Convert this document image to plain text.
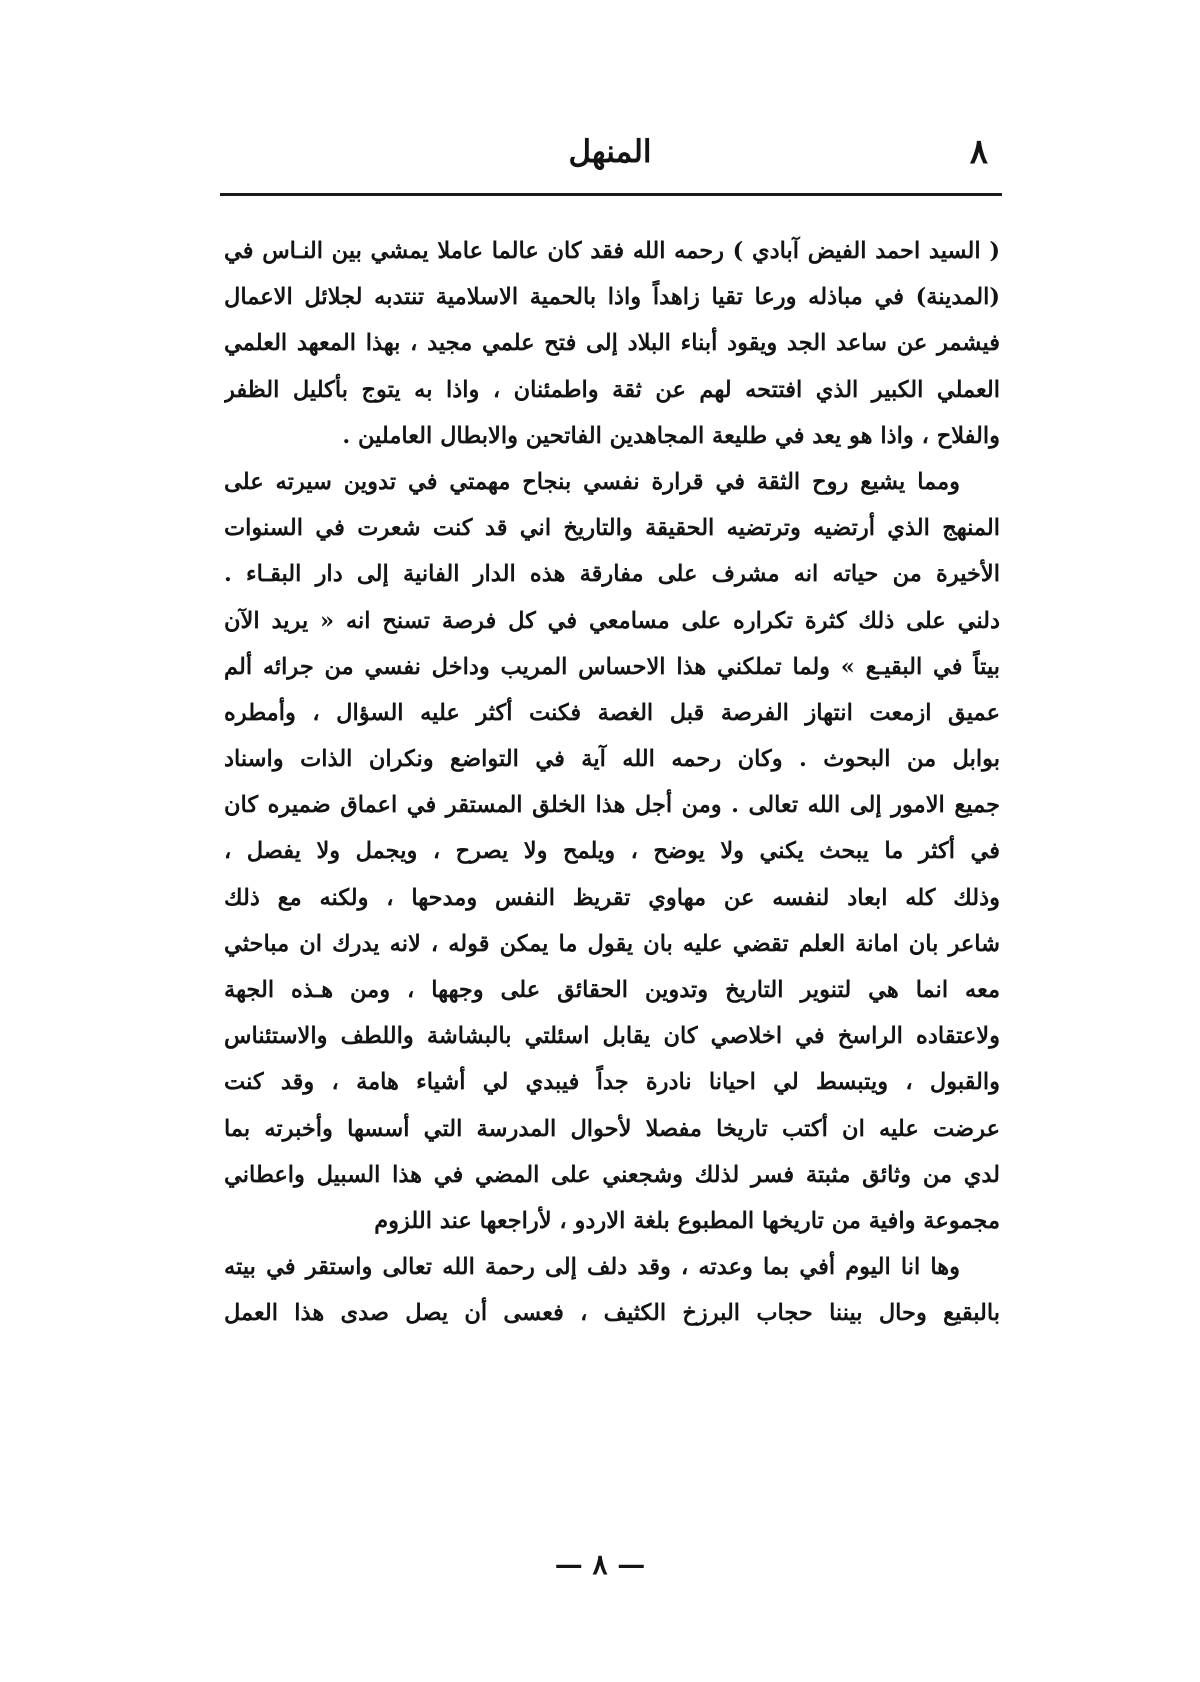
٨
المنهل
( السيد احمد الفيض آبادي ) رحمه الله فقد كان عالما عاملا يمشي بين النـاس في
(المدينة) في مباذله ورعا تقيا زاهداً واذا بالحمية الاسلامية تنتدبه لجلائل الاعمال
فيشمر عن ساعد الجد ويقود أبناء البلاد إلى فتح علمي مجيد ، بهذا المعهد العلمي
العملي الكبير الذي افتتحه لهم عن ثقة واطمئنان ، واذا به يتوج بأكليل الظفر
والفلاح ، واذا هو يعد في طليعة المجاهدين الفاتحين والابطال العاملين .
ومما يشيع روح الثقة في قرارة نفسي بنجاح مهمتي في تدوين سيرته على
المنهج الذي أرتضيه وترتضيه الحقيقة والتاريخ اني قد كنت شعرت في السنوات
الأخيرة من حياته انه مشرف على مفارقة هذه الدار الفانية إلى دار البقـاء .
دلني على ذلك كثرة تكراره على مسامعي في كل فرصة تسنح انه « يريد الآن
بيتاً في البقيـع » ولما تملكني هذا الاحساس المريب وداخل نفسي من جرائه ألم
عميق ازمعت انتهاز الفرصة قبل الغصة فكنت أكثر عليه السؤال ، وأمطره
بوابل من البحوث . وكان رحمه الله آية في التواضع ونكران الذات واسناد
جميع الامور إلى الله تعالى . ومن أجل هذا الخلق المستقر في اعماق ضميره كان
في أكثر ما يبحث يكني ولا يوضح ، ويلمح ولا يصرح ، ويجمل ولا يفصل ،
وذلك كله ابعاد لنفسه عن مهاوي تقريظ النفس ومدحها ، ولكنه مع ذلك
شاعر بان امانة العلم تقضي عليه بان يقول ما يمكن قوله ، لانه يدرك ان مباحثي
معه انما هي لتنوير التاريخ وتدوين الحقائق على وجهها ، ومن هـذه الجهة
ولاعتقاده الراسخ في اخلاصي كان يقابل اسئلتي بالبشاشة واللطف والاستئناس
والقبول ، ويتبسط لي احيانا نادرة جداً فيبدي لي أشياء هامة ، وقد كنت
عرضت عليه ان أكتب تاريخا مفصلا لأحوال المدرسة التي أسسها وأخبرته بما
لدي من وثائق مثبتة فسر لذلك وشجعني على المضي في هذا السبيل واعطاني
مجموعة وافية من تاريخها المطبوع بلغة الاردو ، لأراجعها عند اللزوم
وها انا اليوم أفي بما وعدته ، وقد دلف إلى رحمة الله تعالى واستقر في بيته
بالبقيع وحال بيننا حجاب البرزخ الكثيف ، فعسى أن يصل صدى هذا العمل
— ٨ —
